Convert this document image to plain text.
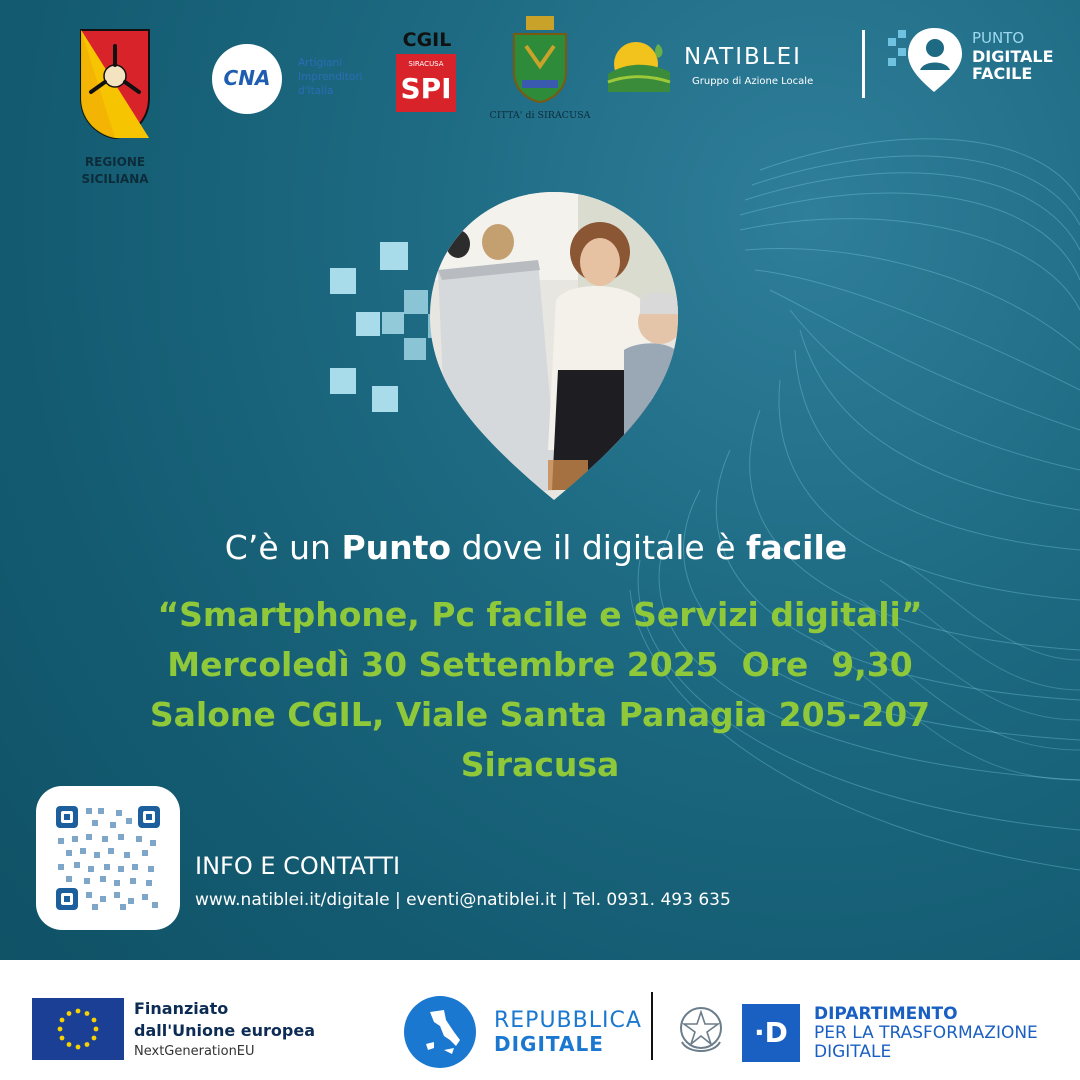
REGIONE SICILIANA
CNA
Artigiani Imprenditori d'Italia
CGIL
SIRACUSA
SPI
CITTA' di SIRACUSA
NATIBLEI
Gruppo di Azione Locale
PUNTO
DIGITALE
FACILE
C’è un Punto dove il digitale è facile
“Smartphone, Pc facile e Servizi digitali”
Mercoledì 30 Settembre 2025  Ore  9,30
Salone CGIL, Viale Santa Panagia 205-207
Siracusa
INFO E CONTATTI
www.natiblei.it/digitale | eventi@natiblei.it | Tel. 0931. 493 635
Finanziato
dall'Unione europea
NextGenerationEU
REPUBBLICA
DIGITALE	·D
DIPARTIMENTO
PER LA TRASFORMAZIONE
DIGITALE
